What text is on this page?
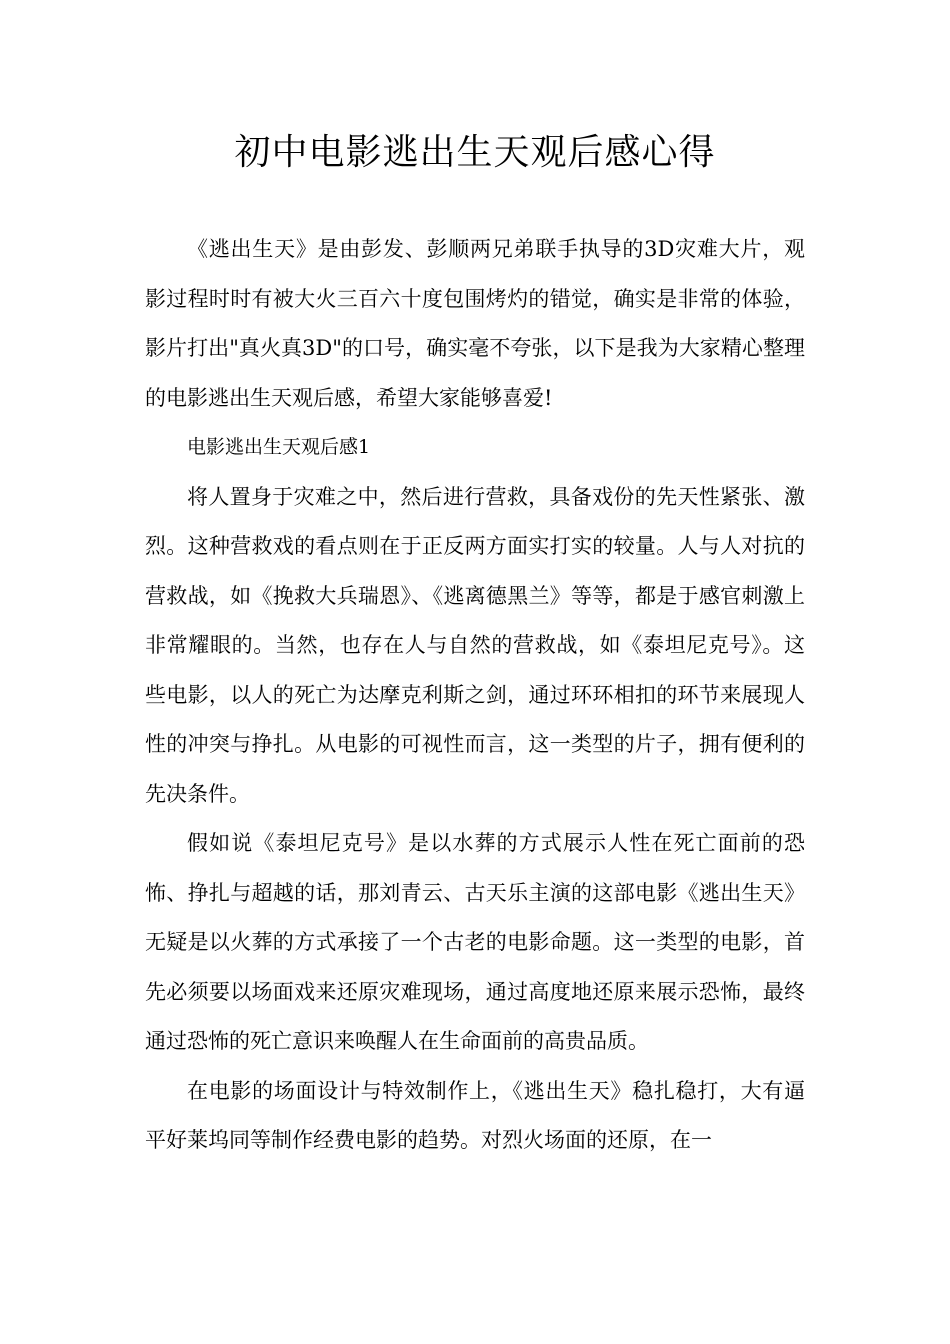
初中电影逃出生天观后感心得

《逃出生天》是由彭发、彭顺两兄弟联手执导的3D灾难大片，观影过程时时有被大火三百六十度包围烤灼的错觉，确实是非常的体验，影片打出"真火真3D"的口号，确实毫不夸张，以下是我为大家精心整理的电影逃出生天观后感，希望大家能够喜爱!

电影逃出生天观后感1

将人置身于灾难之中，然后进行营救，具备戏份的先天性紧张、激烈。这种营救戏的看点则在于正反两方面实打实的较量。人与人对抗的营救战，如《挽救大兵瑞恩》、《逃离德黑兰》等等，都是于感官刺激上非常耀眼的。当然，也存在人与自然的营救战，如《泰坦尼克号》。这些电影，以人的死亡为达摩克利斯之剑，通过环环相扣的环节来展现人性的冲突与挣扎。从电影的可视性而言，这一类型的片子，拥有便利的先决条件。

假如说《泰坦尼克号》是以水葬的方式展示人性在死亡面前的恐怖、挣扎与超越的话，那刘青云、古天乐主演的这部电影《逃出生天》无疑是以火葬的方式承接了一个古老的电影命题。这一类型的电影，首先必须要以场面戏来还原灾难现场，通过高度地还原来展示恐怖，最终通过恐怖的死亡意识来唤醒人在生命面前的高贵品质。

在电影的场面设计与特效制作上，《逃出生天》稳扎稳打，大有逼平好莱坞同等制作经费电影的趋势。对烈火场面的还原，在一
